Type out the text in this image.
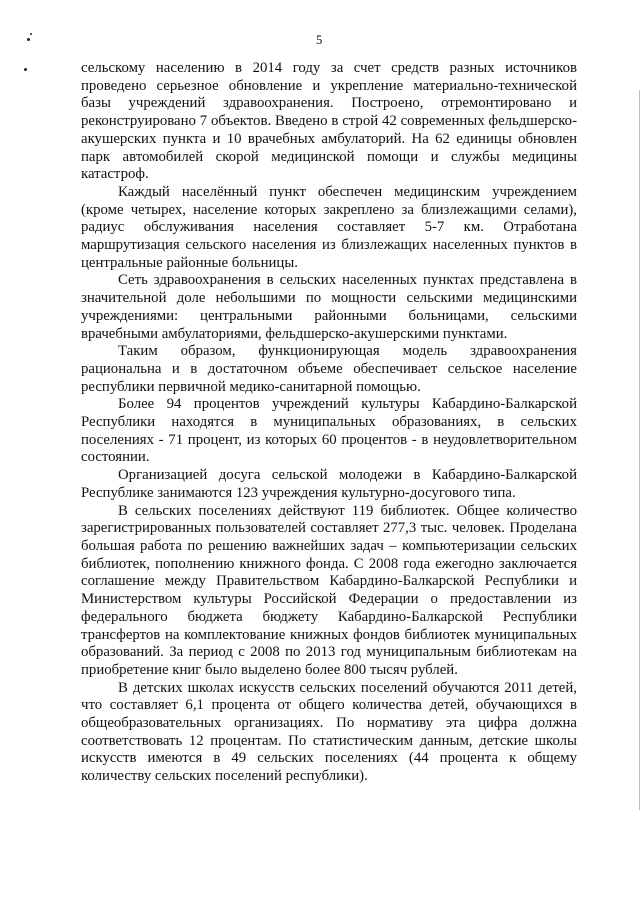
5

сельскому населению в 2014 году за счет средств разных источников проведено серьезное обновление и укрепление материально-технической базы учреждений здравоохранения. Построено, отремонтировано и реконструировано 7 объектов. Введено в строй 42 современных фельдшерско-акушерских пункта и 10 врачебных амбулаторий. На 62 единицы обновлен парк автомобилей скорой медицинской помощи и службы медицины катастроф.

Каждый населённый пункт обеспечен медицинским учреждением (кроме четырех, население которых закреплено за близлежащими селами), радиус обслуживания населения составляет 5-7 км. Отработана маршрутизация сельского населения из близлежащих населенных пунктов в центральные районные больницы.

Сеть здравоохранения в сельских населенных пунктах представлена в значительной доле небольшими по мощности сельскими медицинскими учреждениями: центральными районными больницами, сельскими врачебными амбулаториями, фельдшерско-акушерскими пунктами.

Таким образом, функционирующая модель здравоохранения рациональна и в достаточном объеме обеспечивает сельское население республики первичной медико-санитарной помощью.

Более 94 процентов учреждений культуры Кабардино-Балкарской Республики находятся в муниципальных образованиях, в сельских поселениях - 71 процент, из которых 60 процентов - в неудовлетворительном состоянии.

Организацией досуга сельской молодежи в Кабардино-Балкарской Республике занимаются 123 учреждения культурно-досугового типа.

В сельских поселениях действуют 119 библиотек. Общее количество зарегистрированных пользователей составляет 277,3 тыс. человек. Проделана большая работа по решению важнейших задач – компьютеризации сельских библиотек, пополнению книжного фонда. С 2008 года ежегодно заключается соглашение между Правительством Кабардино-Балкарской Республики и Министерством культуры Российской Федерации о предоставлении из федерального бюджета бюджету Кабардино-Балкарской Республики трансфертов на комплектование книжных фондов библиотек муниципальных образований. За период с 2008 по 2013 год муниципальным библиотекам на приобретение книг было выделено более 800 тысяч рублей.

В детских школах искусств сельских поселений обучаются 2011 детей, что составляет 6,1 процента от общего количества детей, обучающихся в общеобразовательных организациях. По нормативу эта цифра должна соответствовать 12 процентам. По статистическим данным, детские школы искусств имеются в 49 сельских поселениях (44 процента к общему количеству сельских поселений республики).
